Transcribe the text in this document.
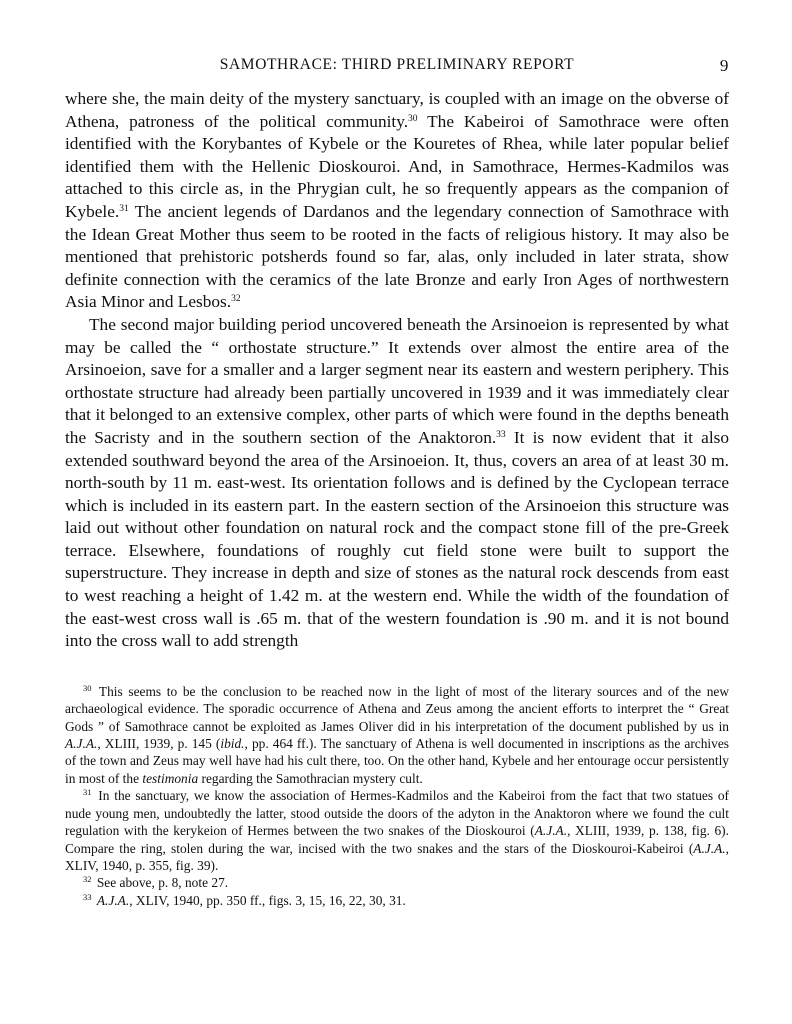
SAMOTHRACE: THIRD PRELIMINARY REPORT	9

where she, the main deity of the mystery sanctuary, is coupled with an image on the obverse of Athena, patroness of the political community.$^{30}$ The Kabeiroi of Samothrace were often identified with the Korybantes of Kybele or the Kouretes of Rhea, while later popular belief identified them with the Hellenic Dioskouroi. And, in Samothrace, Hermes-Kadmilos was attached to this circle as, in the Phrygian cult, he so frequently appears as the companion of Kybele.$^{31}$ The ancient legends of Dardanos and the legendary connection of Samothrace with the Idean Great Mother thus seem to be rooted in the facts of religious history. It may also be mentioned that prehistoric potsherds found so far, alas, only included in later strata, show definite connection with the ceramics of the late Bronze and early Iron Ages of northwestern Asia Minor and Lesbos.$^{32}$

The second major building period uncovered beneath the Arsinoeion is represented by what may be called the “ orthostate structure.” It extends over almost the entire area of the Arsinoeion, save for a smaller and a larger segment near its eastern and western periphery. This orthostate structure had already been partially uncovered in 1939 and it was immediately clear that it belonged to an extensive complex, other parts of which were found in the depths beneath the Sacristy and in the southern section of the Anaktoron.$^{33}$ It is now evident that it also extended southward beyond the area of the Arsinoeion. It, thus, covers an area of at least 30 m. north-south by 11 m. east-west. Its orientation follows and is defined by the Cyclopean terrace which is included in its eastern part. In the eastern section of the Arsinoeion this structure was laid out without other foundation on natural rock and the compact stone fill of the pre-Greek terrace. Elsewhere, foundations of roughly cut field stone were built to support the superstructure. They increase in depth and size of stones as the natural rock descends from east to west reaching a height of 1.42 m. at the western end. While the width of the foundation of the east-west cross wall is .65 m. that of the western foundation is .90 m. and it is not bound into the cross wall to add strength

$^{30}$ This seems to be the conclusion to be reached now in the light of most of the literary sources and of the new archaeological evidence. The sporadic occurrence of Athena and Zeus among the ancient efforts to interpret the “ Great Gods ” of Samothrace cannot be exploited as James Oliver did in his interpretation of the document published by us in A.J.A., XLIII, 1939, p. 145 (ibid., pp. 464 ff.). The sanctuary of Athena is well documented in inscriptions as the archives of the town and Zeus may well have had his cult there, too. On the other hand, Kybele and her entourage occur persistently in most of the testimonia regarding the Samothracian mystery cult.

$^{31}$ In the sanctuary, we know the association of Hermes-Kadmilos and the Kabeiroi from the fact that two statues of nude young men, undoubtedly the latter, stood outside the doors of the adyton in the Anaktoron where we found the cult regulation with the kerykeion of Hermes between the two snakes of the Dioskouroi (A.J.A., XLIII, 1939, p. 138, fig. 6). Compare the ring, stolen during the war, incised with the two snakes and the stars of the Dioskouroi-Kabeiroi (A.J.A., XLIV, 1940, p. 355, fig. 39).

$^{32}$ See above, p. 8, note 27.

$^{33}$ A.J.A., XLIV, 1940, pp. 350 ff., figs. 3, 15, 16, 22, 30, 31.
